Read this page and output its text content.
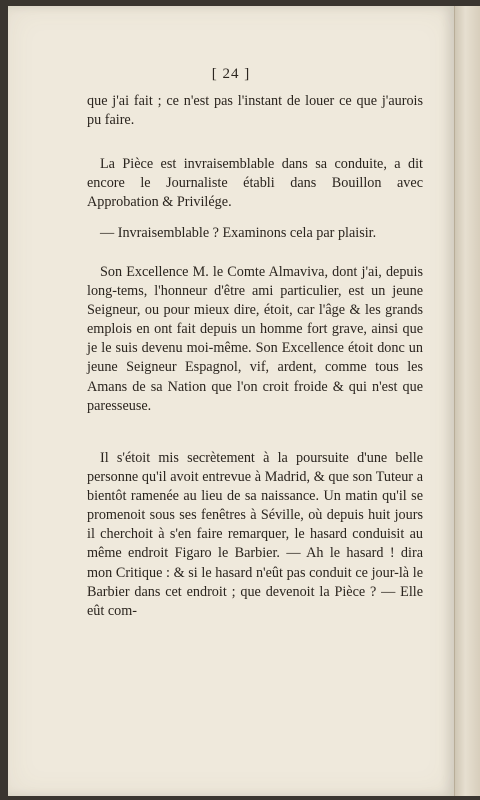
[ 24 ]

que j'ai fait ; ce n'est pas l'instant de louer ce que j'aurois pu faire.

La Pièce est invraisemblable dans sa conduite, a dit encore le Journaliste établi dans Bouillon avec Approbation & Privilége.

— Invraisemblable ? Examinons cela par plaisir.

Son Excellence M. le Comte Almaviva, dont j'ai, depuis long-tems, l'honneur d'être ami particulier, est un jeune Seigneur, ou pour mieux dire, étoit, car l'âge & les grands emplois en ont fait depuis un homme fort grave, ainsi que je le suis devenu moi-même. Son Excellence étoit donc un jeune Seigneur Espagnol, vif, ardent, comme tous les Amans de sa Nation que l'on croit froide & qui n'est que paresseuse.

Il s'étoit mis secrètement à la poursuite d'une belle personne qu'il avoit entrevue à Madrid, & que son Tuteur a bientôt ramenée au lieu de sa naissance. Un matin qu'il se promenoit sous ses fenêtres à Séville, où depuis huit jours il cherchoit à s'en faire remarquer, le hasard conduisit au même endroit Figaro le Barbier. — Ah le hasard ! dira mon Critique : & si le hasard n'eût pas conduit ce jour-là le Barbier dans cet endroit ; que devenoit la Pièce ? — Elle eût com-
